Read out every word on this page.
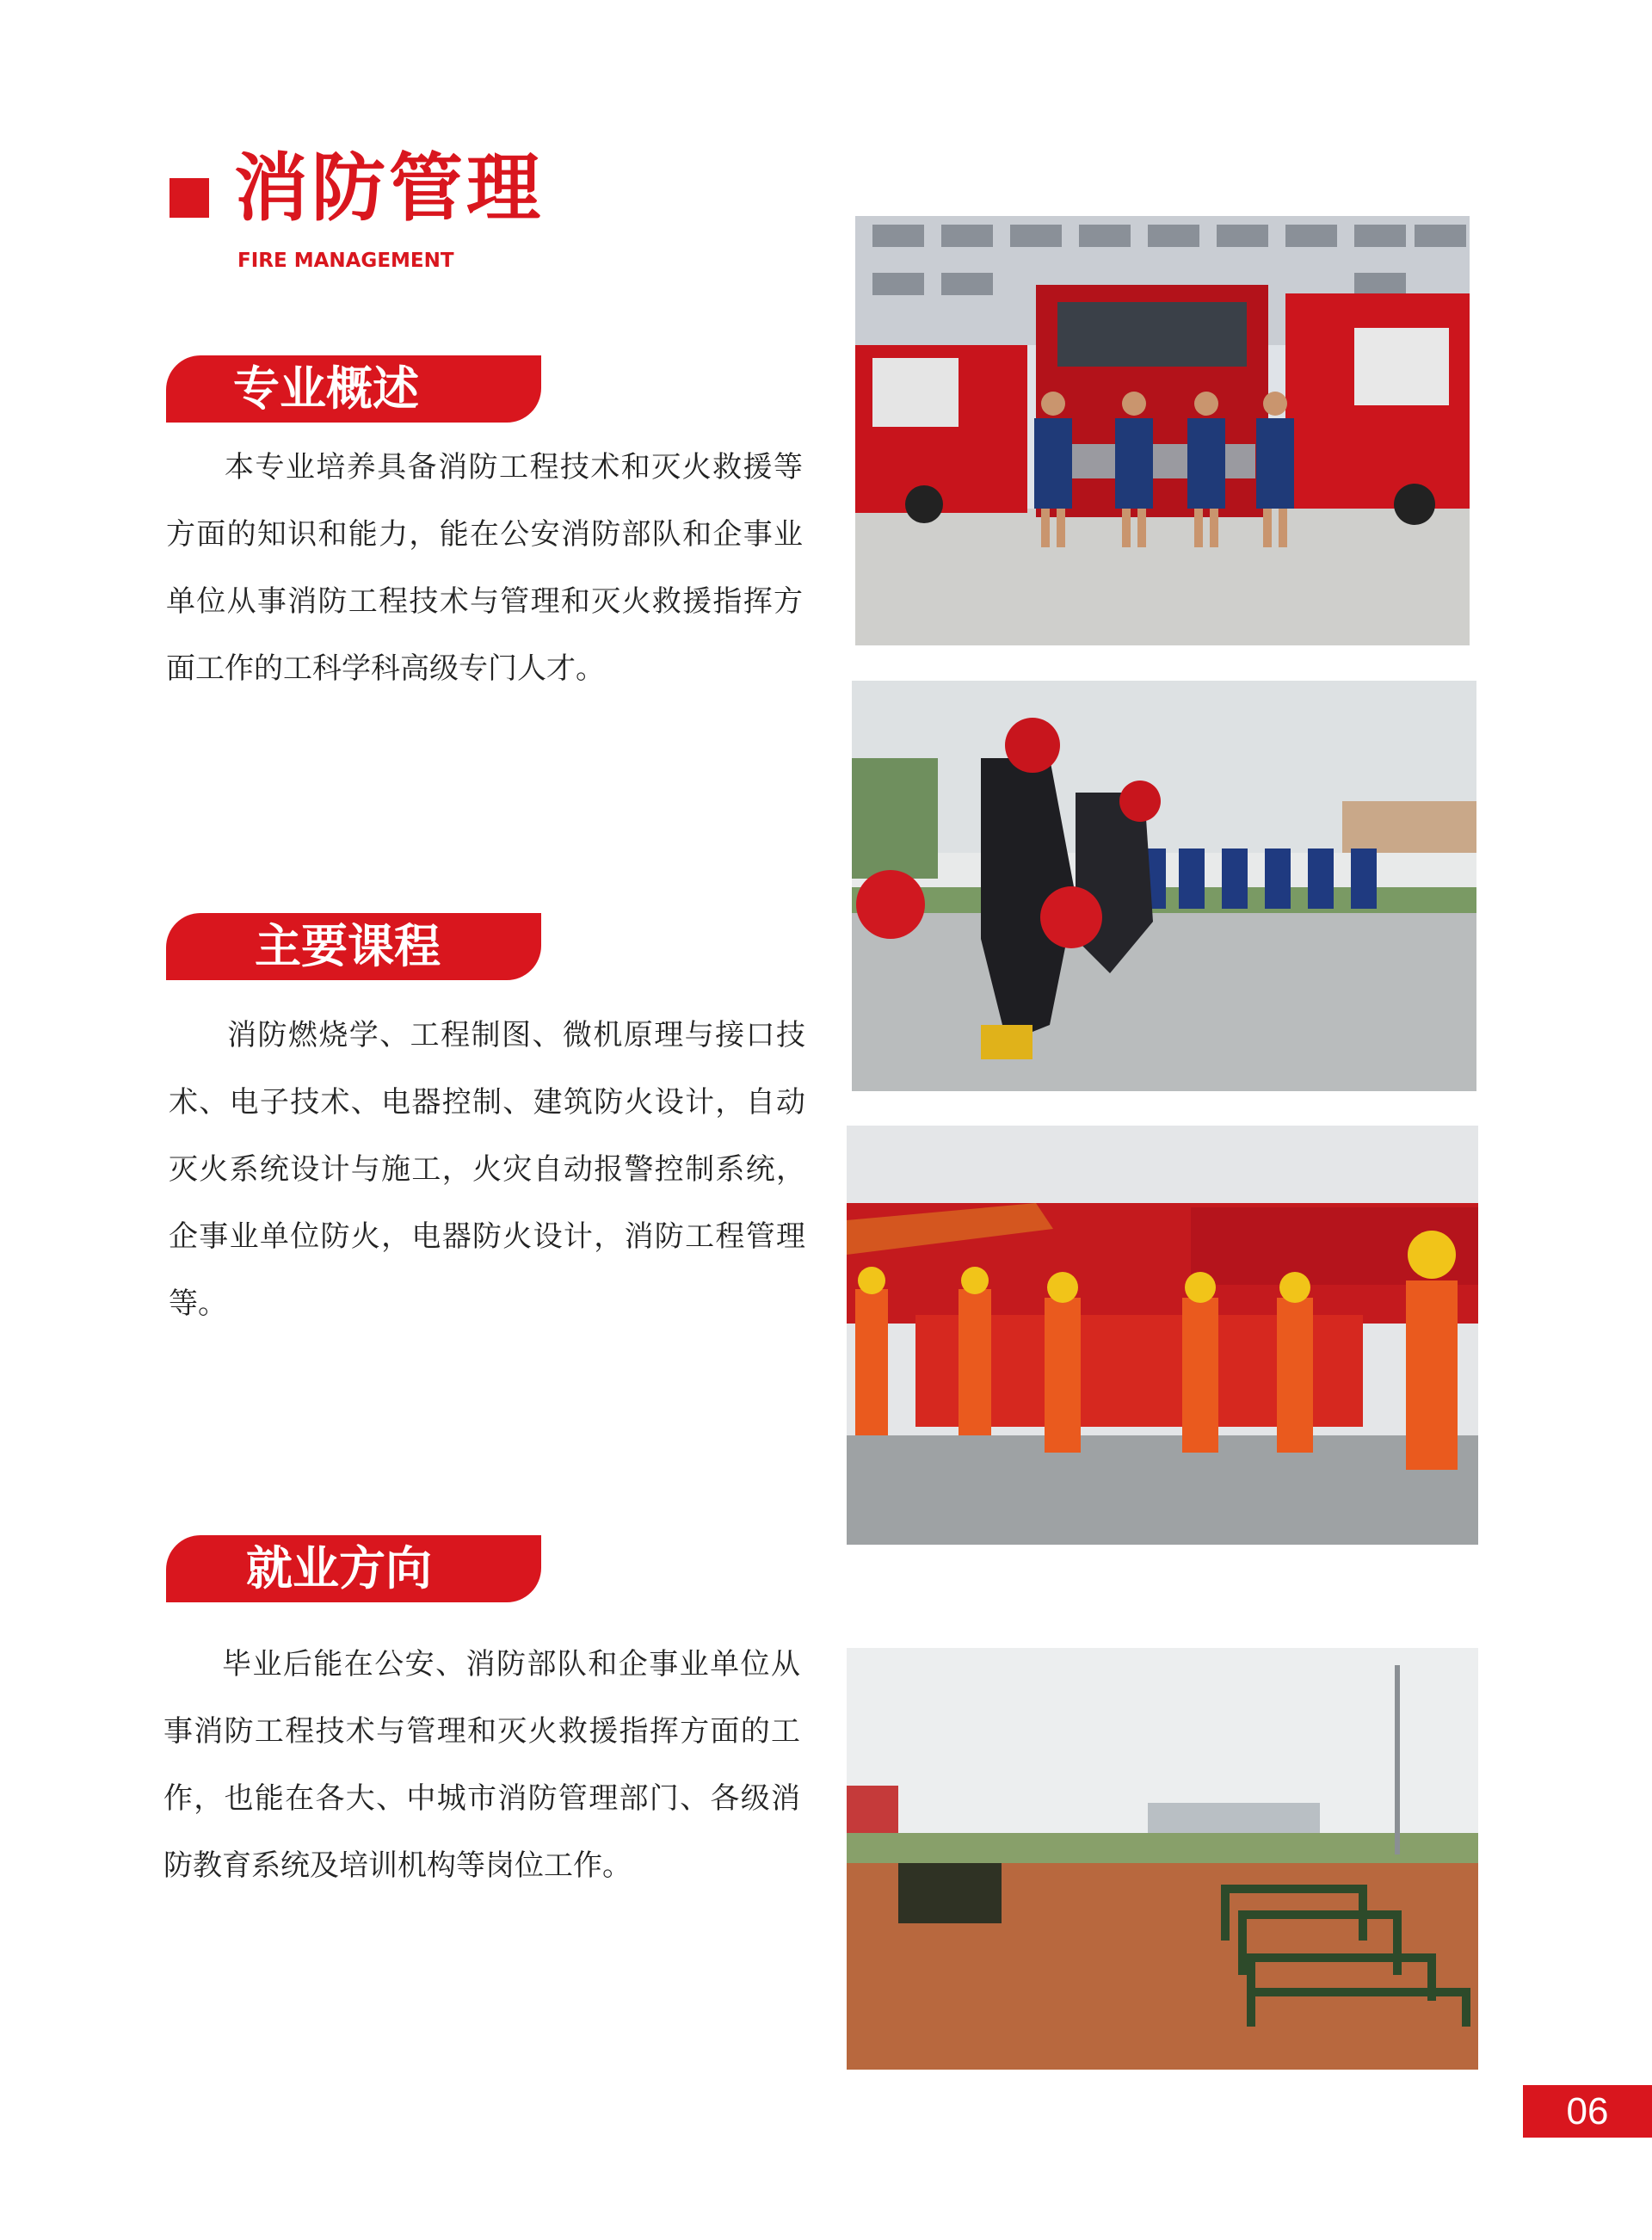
消防管理
FIRE MANAGEMENT
专业概述

本专业培养具备消防工程技术和灭火救援等方面的知识和能力，能在公安消防部队和企事业单位从事消防工程技术与管理和灭火救援指挥方面工作的工科学科高级专门人才。

主要课程

消防燃烧学、工程制图、微机原理与接口技术、电子技术、电器控制、建筑防火设计，自动灭火系统设计与施工，火灾自动报警控制系统，企事业单位防火，电器防火设计，消防工程管理等。

就业方向

毕业后能在公安、消防部队和企事业单位从事消防工程技术与管理和灭火救援指挥方面的工作，也能在各大、中城市消防管理部门、各级消防教育系统及培训机构等岗位工作。

06
